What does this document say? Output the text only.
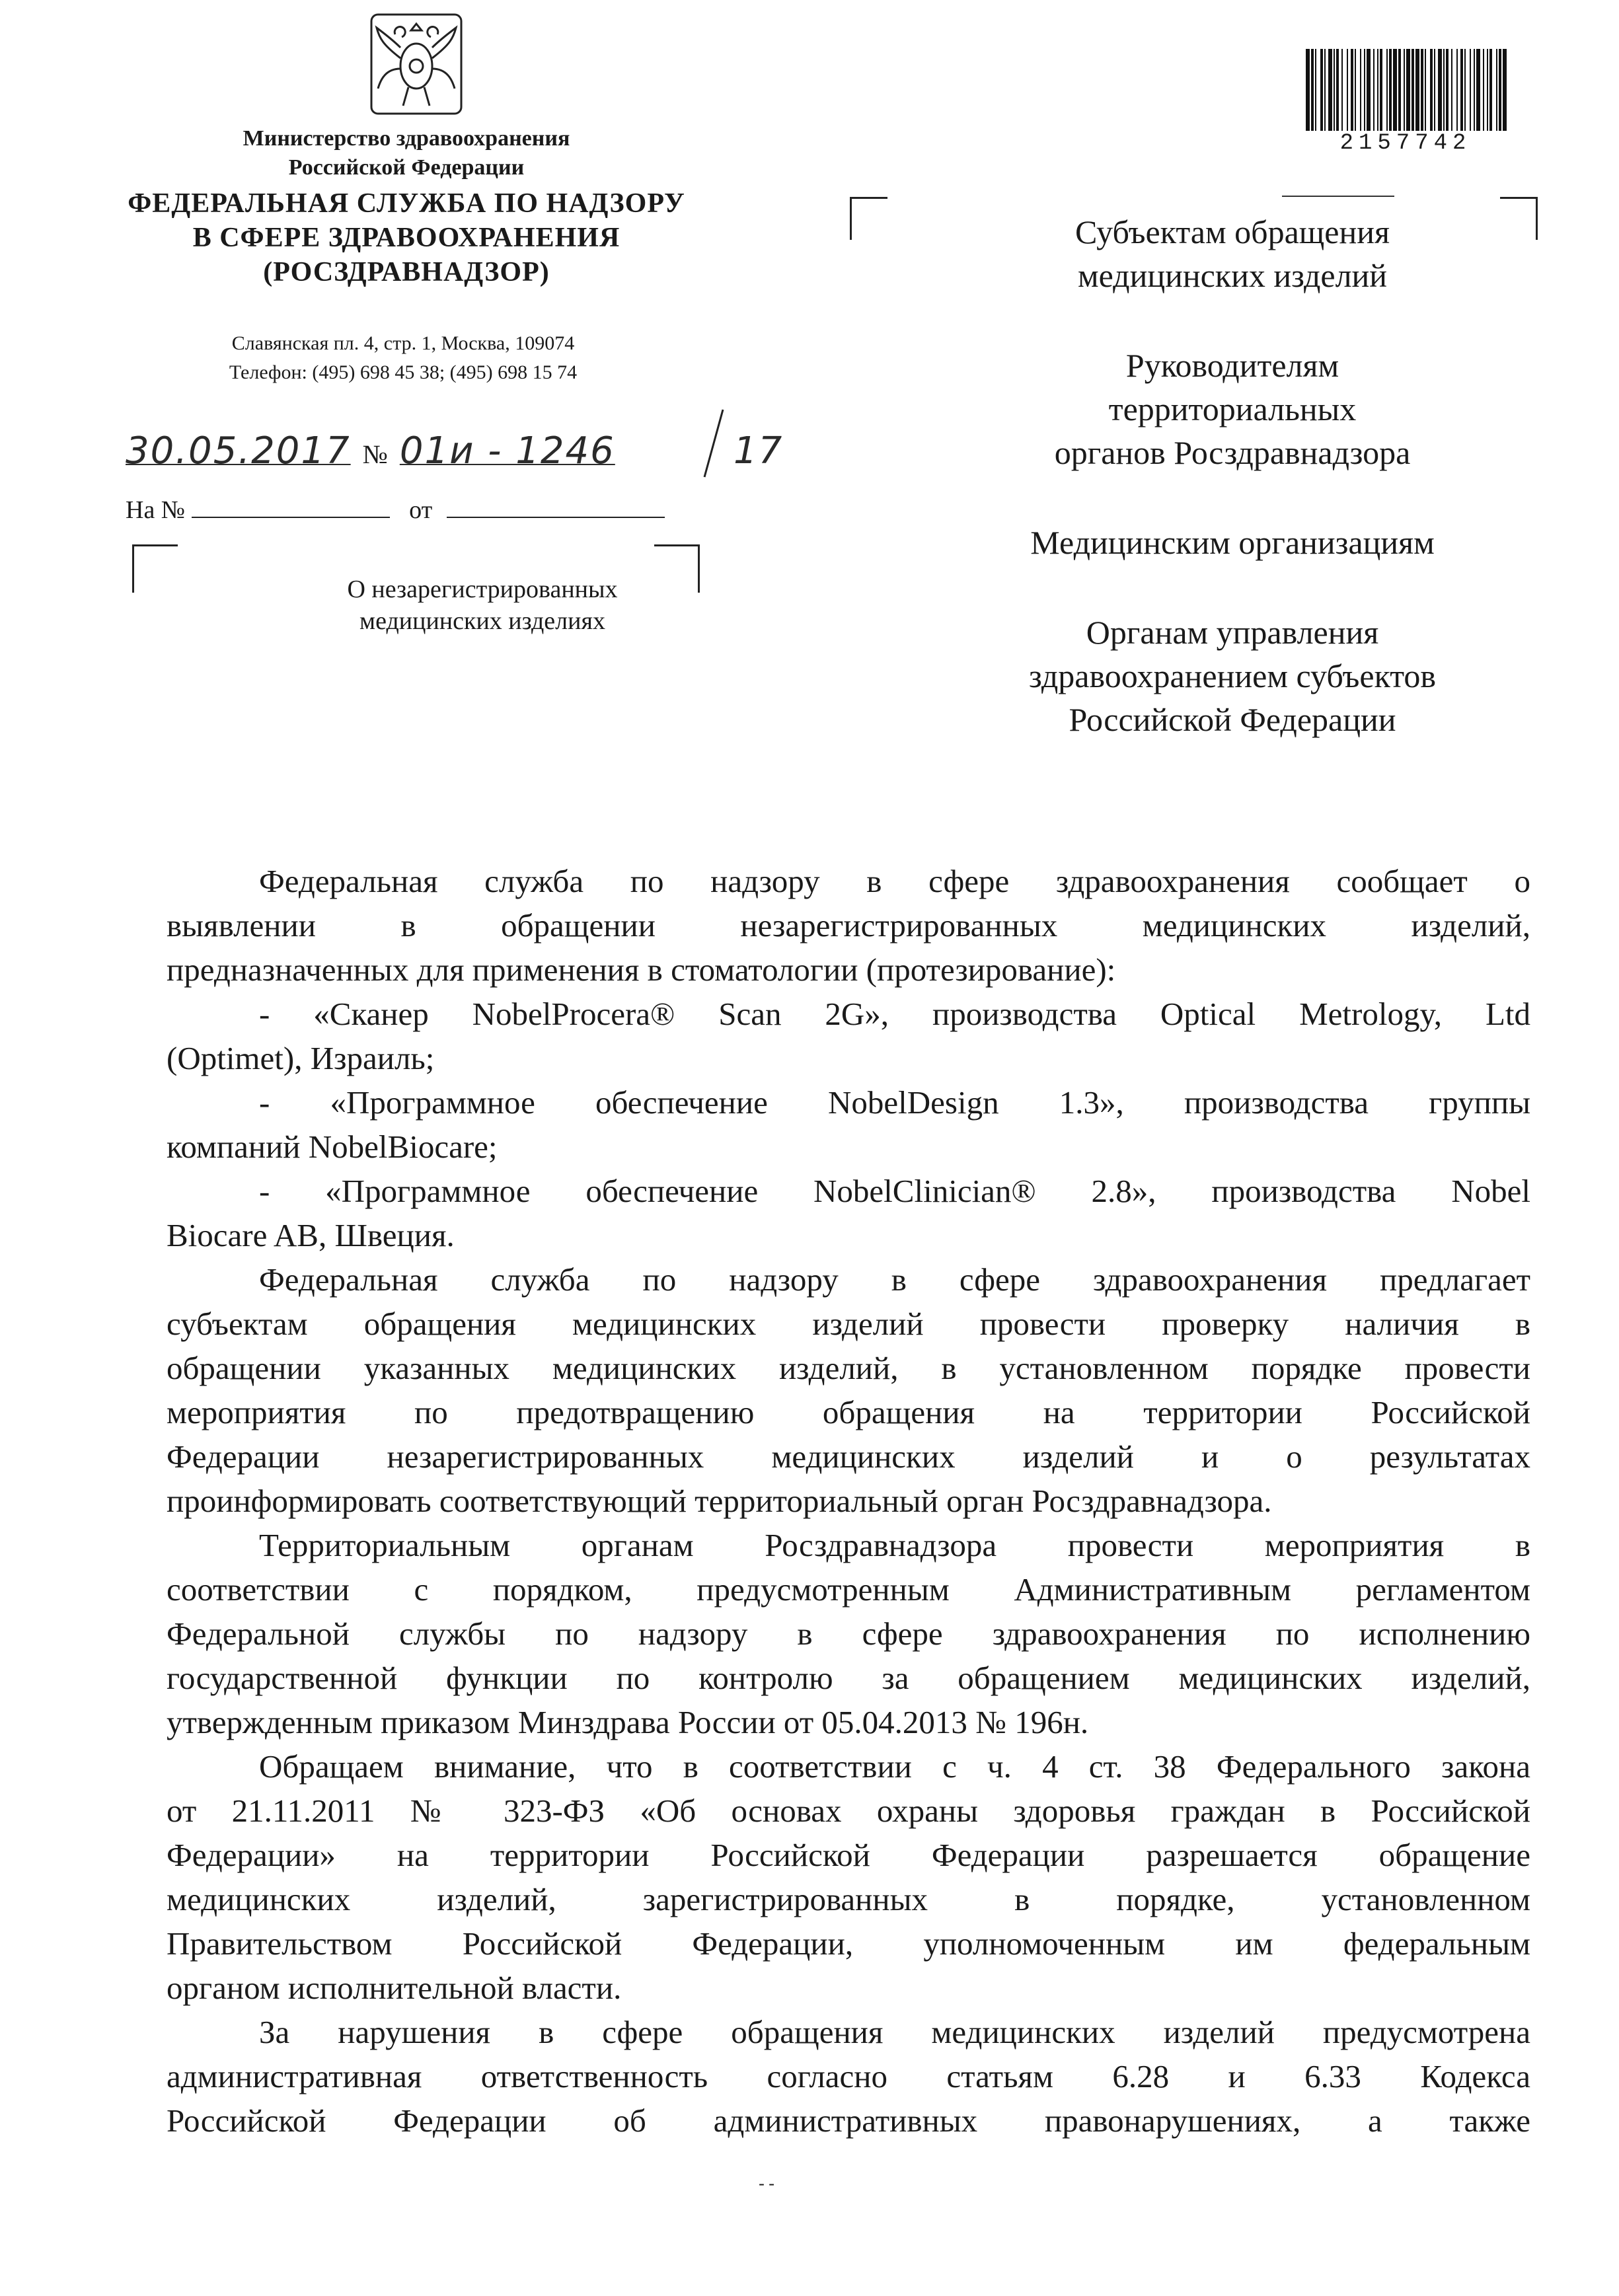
Министерство здравоохранения
Российской Федерации
ФЕДЕРАЛЬНАЯ СЛУЖБА ПО НАДЗОРУ
В СФЕРЕ ЗДРАВООХРАНЕНИЯ
(РОСЗДРАВНАДЗОР)
Славянская пл. 4, стр. 1, Москва, 109074
Телефон: (495) 698 45 38; (495) 698 15 74
30.05.2017 № 01и - 1246	17
На №	от
О незарегистрированных
медицинских изделиях
2157742
Субъектам обращения
медицинских изделий
Руководителям
территориальных
органов Росздравнадзора
Медицинским организациям
Органам управления
здравоохранением субъектов
Российской Федерации

Федеральная служба по надзору в сфере здравоохранения сообщает о

выявлении в обращении незарегистрированных медицинских изделий,

предназначенных для применения в стоматологии (протезирование):

- «Сканер NobelProcera® Scan 2G», производства Optical Metrology, Ltd

(Optimet), Израиль;

- «Программное обеспечение NobelDesign 1.3», производства группы

компаний NobelBiocare;

- «Программное обеспечение NobelClinician® 2.8», производства Nobel

Biocare AB, Швеция.

Федеральная служба по надзору в сфере здравоохранения предлагает

субъектам обращения медицинских изделий провести проверку наличия в

обращении указанных медицинских изделий, в установленном порядке провести

мероприятия по предотвращению обращения на территории Российской

Федерации незарегистрированных медицинских изделий и о результатах

проинформировать соответствующий территориальный орган Росздравнадзора.

Территориальным органам Росздравнадзора провести мероприятия в

соответствии с порядком, предусмотренным Административным регламентом

Федеральной службы по надзору в сфере здравоохранения по исполнению

государственной функции по контролю за обращением медицинских изделий,

утвержденным приказом Минздрава России от 05.04.2013 № 196н.

Обращаем внимание, что в соответствии с ч. 4 ст. 38 Федерального закона

от 21.11.2011 № 323-ФЗ «Об основах охраны здоровья граждан в Российской

Федерации» на территории Российской Федерации разрешается обращение

медицинских изделий, зарегистрированных в порядке, установленном

Правительством Российской Федерации, уполномоченным им федеральным

органом исполнительной власти.

За нарушения в сфере обращения медицинских изделий предусмотрена

административная ответственность согласно статьям 6.28 и 6.33 Кодекса

Российской Федерации об административных правонарушениях, а также

- -
